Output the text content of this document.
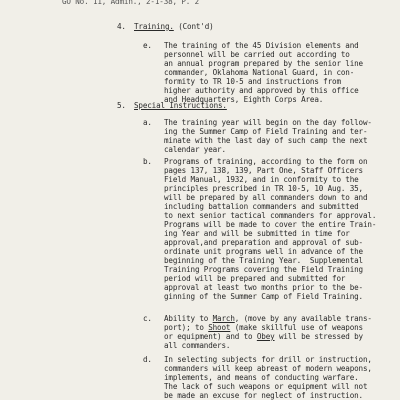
GO No. 11, Admin., 2-1-38, P. 2
4. Training. (Cont'd)
e. The training of the 45 Division elements and
personnel will be carried out according to
an annual program prepared by the senior line
commander, Oklahoma National Guard, in con-
formity to TR 10-5 and instructions from
higher authority and approved by this office
and Headquarters, Eighth Corps Area.
5. Special Instructions.
a. The training year will begin on the day follow-
ing the Summer Camp of Field Training and ter-
minate with the last day of such camp the next
calendar year.
b. Programs of training, according to the form on
pages 137, 138, 139, Part One, Staff Officers
Field Manual, 1932, and in conformity to the
principles prescribed in TR 10-5, 10 Aug. 35,
will be prepared by all commanders down to and
including battalion commanders and submitted
to next senior tactical commanders for approval.
Programs will be made to cover the entire Train-
ing Year and will be submitted in time for
approval,and preparation and approval of sub-
ordinate unit programs well in advance of the
beginning of the Training Year.  Supplemental
Training Programs covering the Field Training
period will be prepared and submitted for
approval at least two months prior to the be-
ginning of the Summer Camp of Field Training.
c. Ability to March, (move by any available trans-
port); to Shoot (make skillful use of weapons
or equipment) and to Obey will be stressed by
all commanders.
d. In selecting subjects for drill or instruction,
commanders will keep abreast of modern weapons,
implements, and means of conducting warfare.
The lack of such weapons or equipment will not
be made an excuse for neglect of instruction.
